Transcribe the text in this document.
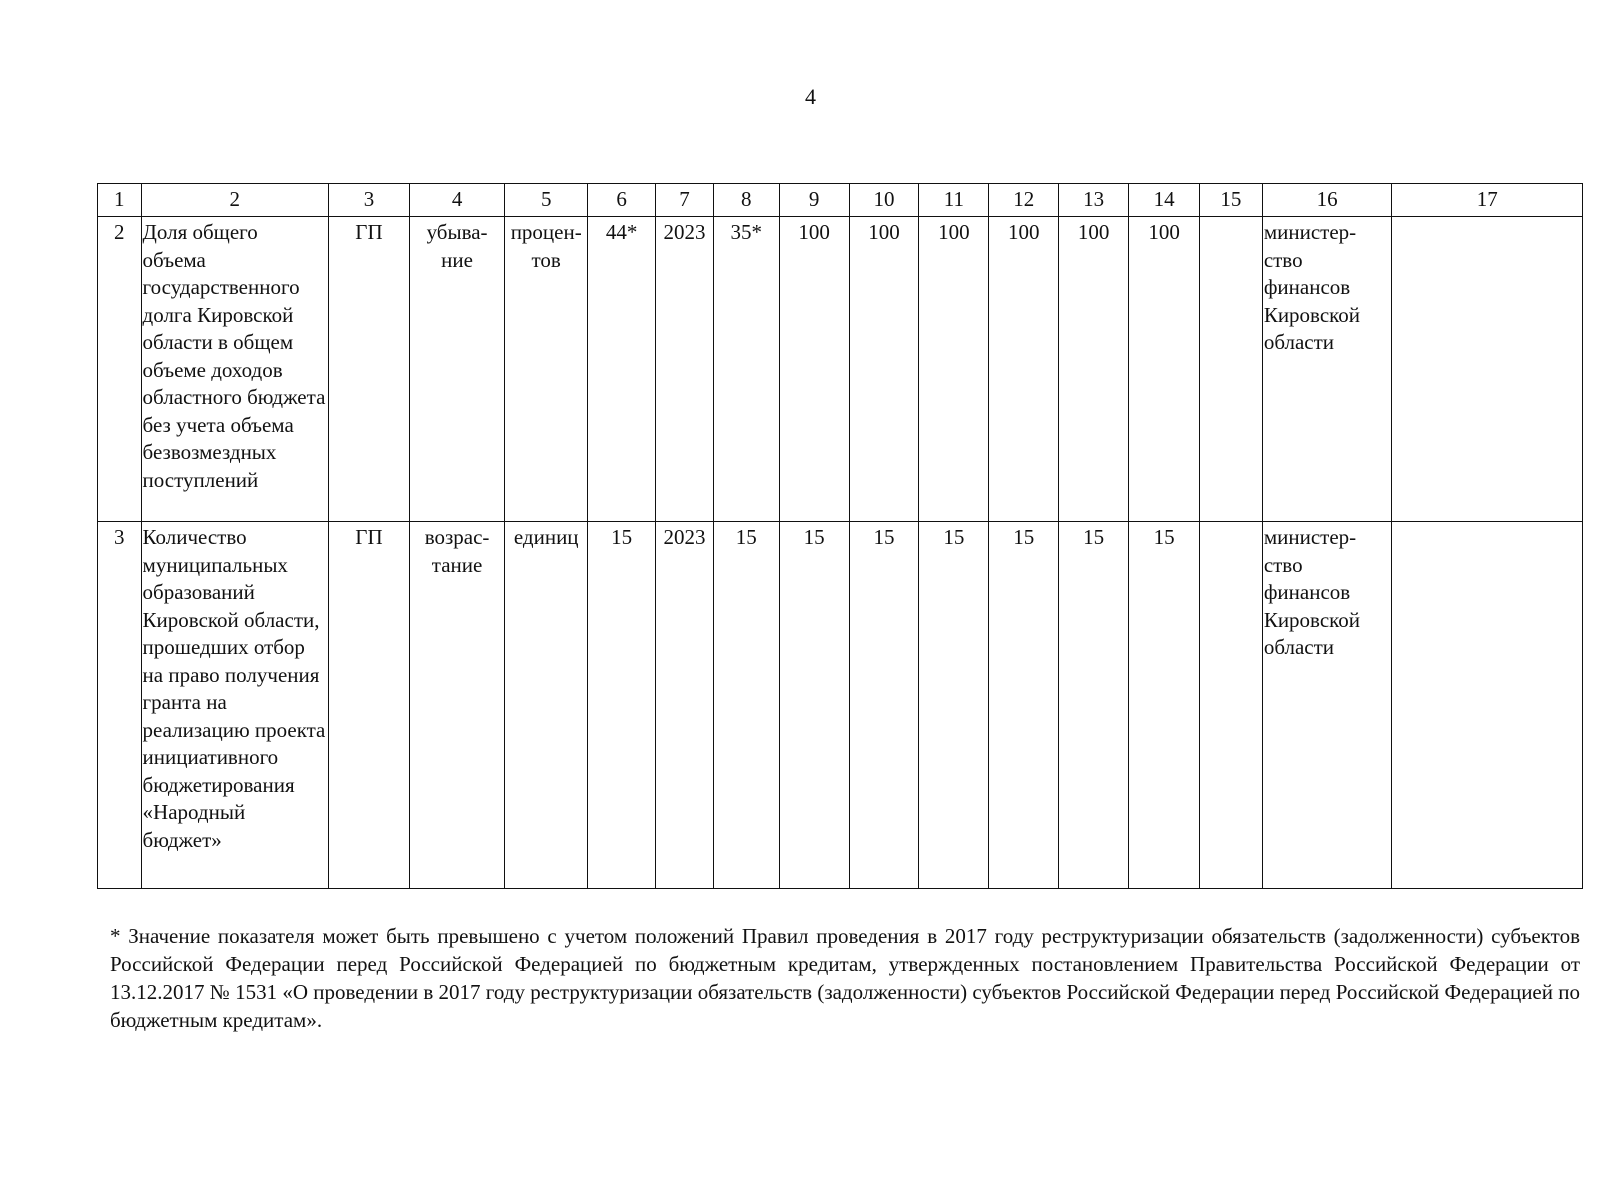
4
1	2	3	4	5	6	7	8	9	10	11	12	13	14	15	16	17
2	Доля общего объема государственного долга Кировской области в общем объеме доходов областного бюджета без учета объема безвозмездных поступлений	ГП	убыва-ние	процен-тов	44*	2023	35*	100	100	100	100	100	100		министер-ство финансов Кировской области	
3	Количество муниципальных образований Кировской области, прошедших отбор на право получения гранта на реализацию проекта инициативного бюджетирования «Народный бюджет»	ГП	возрас-тание	единиц	15	2023	15	15	15	15	15	15	15		министер-ство финансов Кировской области	
* Значение показателя может быть превышено с учетом положений Правил проведения в 2017 году реструктуризации обязательств (задолженности) субъектов Российской Федерации перед Российской Федерацией по бюджетным кредитам, утвержденных постановлением Правительства Российской Федерации от 13.12.2017 № 1531 «О проведении в 2017 году реструктуризации обязательств (задолженности) субъектов Российской Федерации перед Российской Федерацией по бюджетным кредитам».
